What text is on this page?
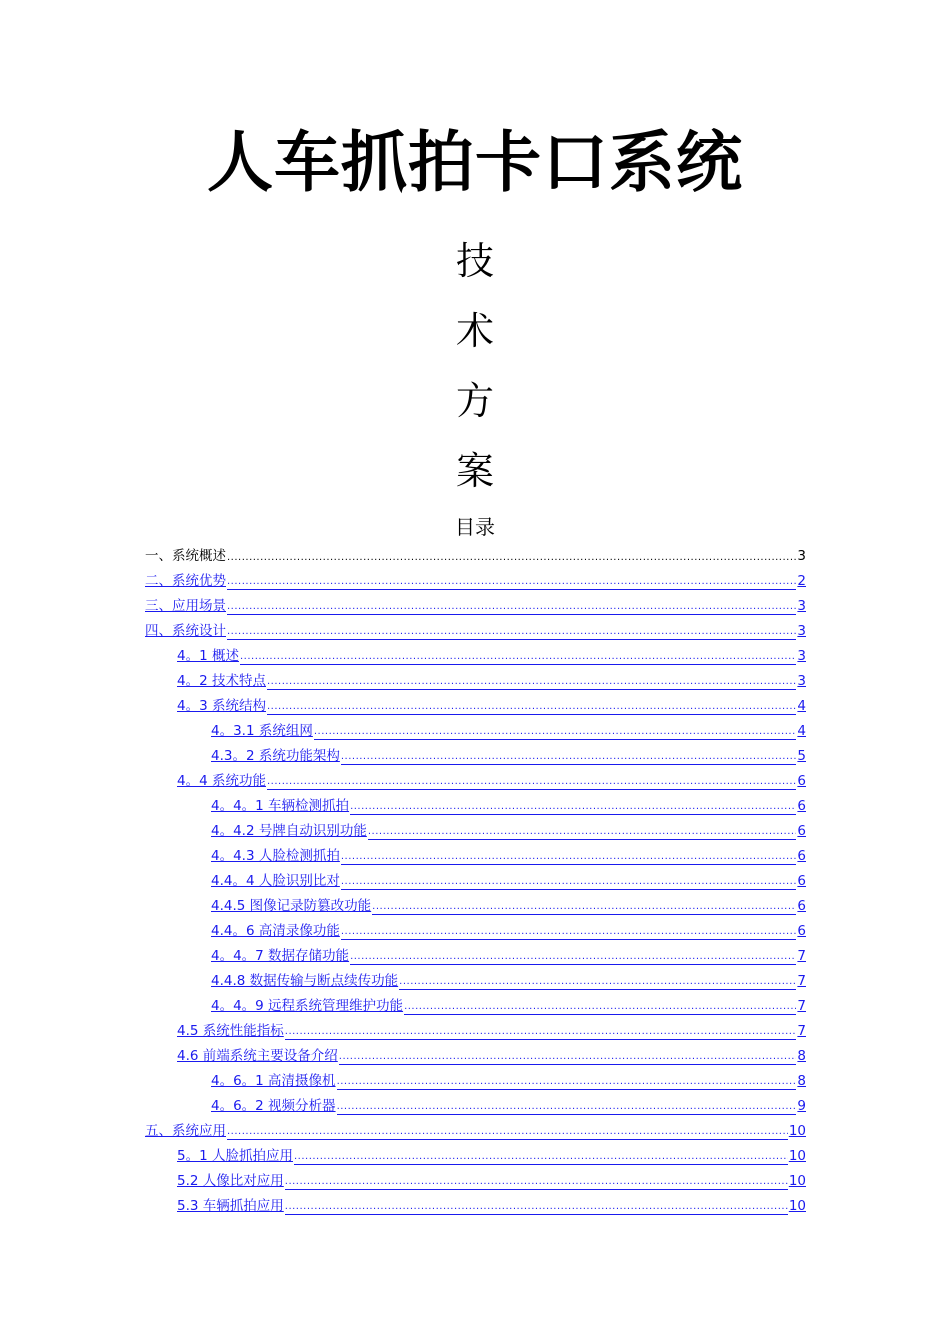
人车抓拍卡口系统
技
术
方
案
目录
一、系统概述 .....	3
二、系统优势 .....	2
三、应用场景 .....	3
四、系统设计 .....	3
4。1 概述 .....	3
4。2 技术特点 .....	3
4。3 系统结构 .....	4
4。3.1 系统组网 .....	4
4.3。2 系统功能架构 .....	5
4。4 系统功能 .....	6
4。4。1 车辆检测抓拍 .....	6
4。4.2 号牌自动识别功能 .....	6
4。4.3 人脸检测抓拍 .....	6
4.4。4 人脸识别比对 .....	6
4.4.5 图像记录防篡改功能 .....	6
4.4。6 高清录像功能 .....	6
4。4。7 数据存储功能 .....	7
4.4.8 数据传输与断点续传功能 .....	7
4。4。9 远程系统管理维护功能 .....	7
4.5 系统性能指标 .....	7
4.6 前端系统主要设备介绍 .....	8
4。6。1 高清摄像机 .....	8
4。6。2 视频分析器 .....	9
五、系统应用 .....	10
5。1 人脸抓拍应用 .....	10
5.2 人像比对应用 .....	10
5.3 车辆抓拍应用 .....	10
